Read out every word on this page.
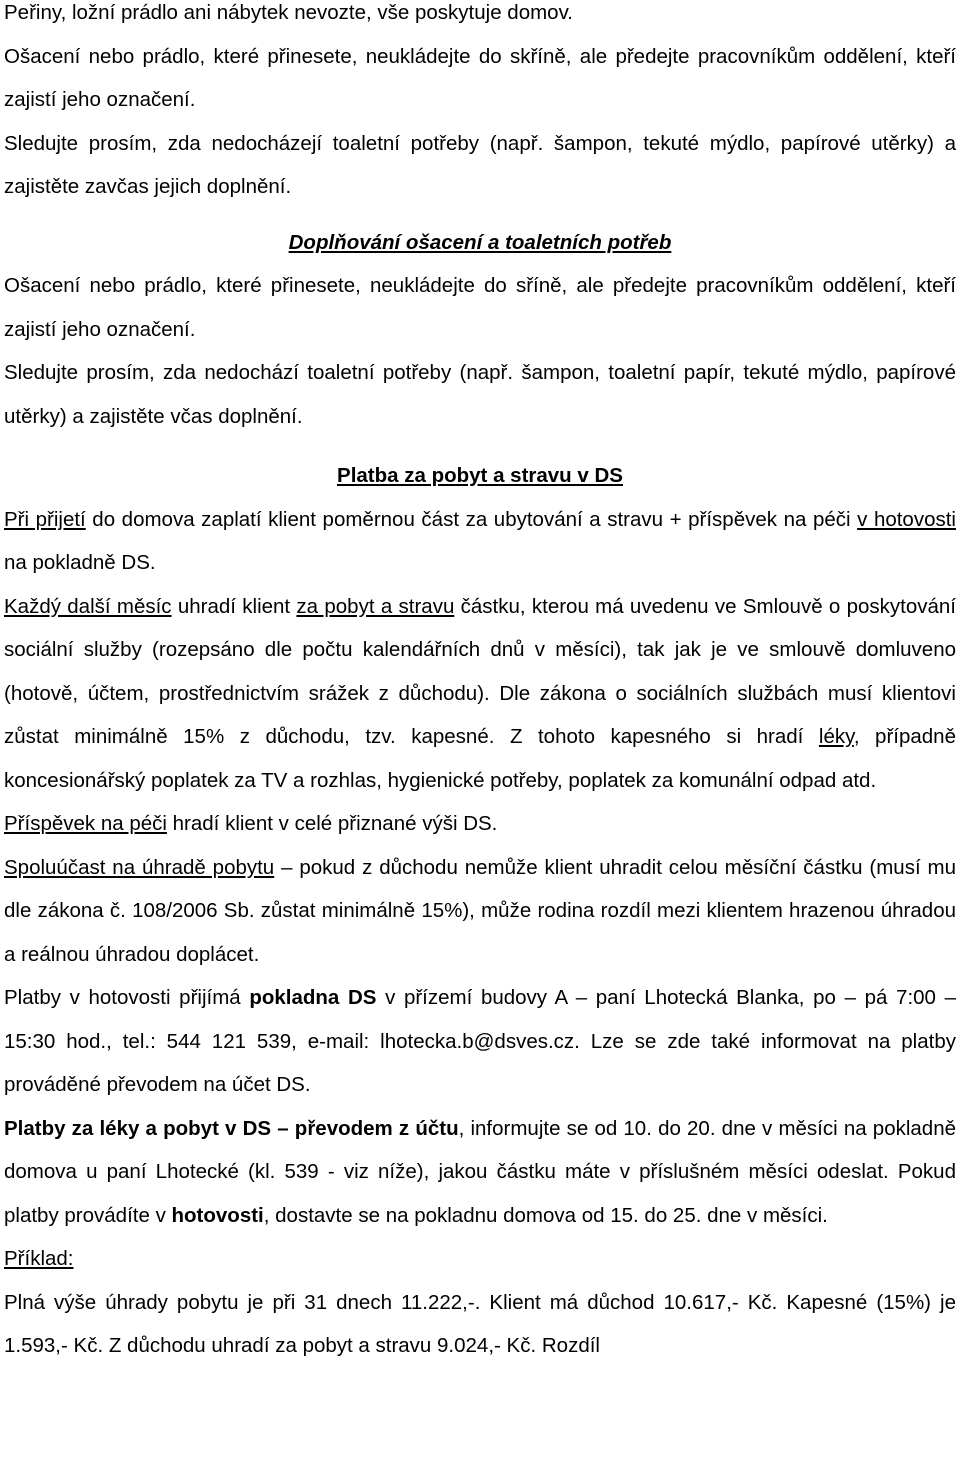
Peřiny, ložní prádlo ani nábytek nevozte, vše poskytuje domov.

Ošacení nebo prádlo, které přinesete, neukládejte do skříně, ale předejte pracovníkům oddělení, kteří zajistí jeho označení.

Sledujte prosím, zda nedocházejí toaletní potřeby (např. šampon, tekuté mýdlo, papírové utěrky) a zajistěte zavčas jejich doplnění.

Doplňování ošacení a toaletních potřeb

Ošacení nebo prádlo, které přinesete, neukládejte do sříně, ale předejte pracovníkům oddělení, kteří zajistí jeho označení.

Sledujte prosím, zda nedochází toaletní potřeby (např. šampon, toaletní papír, tekuté mýdlo, papírové utěrky) a zajistěte včas doplnění.

Platba za pobyt a stravu v DS

Při přijetí do domova zaplatí klient poměrnou část za ubytování a stravu + příspěvek na péči v hotovosti na pokladně DS.

Každý další měsíc uhradí klient za pobyt a stravu částku, kterou má uvedenu ve Smlouvě o poskytování sociální služby (rozepsáno dle počtu kalendářních dnů v měsíci), tak jak je ve smlouvě domluveno (hotově, účtem, prostřednictvím srážek z důchodu). Dle zákona o sociálních službách musí klientovi zůstat minimálně 15% z důchodu, tzv. kapesné. Z tohoto kapesného si hradí léky, případně koncesionářský poplatek za TV a rozhlas, hygienické potřeby, poplatek za komunální odpad atd.

Příspěvek na péči hradí klient v celé přiznané výši DS.

Spoluúčast na úhradě pobytu – pokud z důchodu nemůže klient uhradit celou měsíční částku (musí mu dle zákona č. 108/2006 Sb. zůstat minimálně 15%), může rodina rozdíl mezi klientem hrazenou úhradou a reálnou úhradou doplácet.

Platby v hotovosti přijímá pokladna DS v přízemí budovy A – paní Lhotecká Blanka, po – pá 7:00 – 15:30 hod., tel.: 544 121 539, e-mail: lhotecka.b@dsves.cz. Lze se zde také informovat na platby prováděné převodem na účet DS.

Platby za léky a pobyt v DS – převodem z účtu, informujte se od 10. do 20. dne v měsíci na pokladně domova u paní Lhotecké (kl. 539 - viz níže), jakou částku máte v příslušném měsíci odeslat. Pokud platby provádíte v hotovosti, dostavte se na pokladnu domova od 15. do 25. dne v měsíci.

Příklad:

Plná výše úhrady pobytu je při 31 dnech 11.222,-. Klient má důchod 10.617,- Kč. Kapesné (15%) je 1.593,- Kč. Z důchodu uhradí za pobyt a stravu 9.024,- Kč. Rozdíl
